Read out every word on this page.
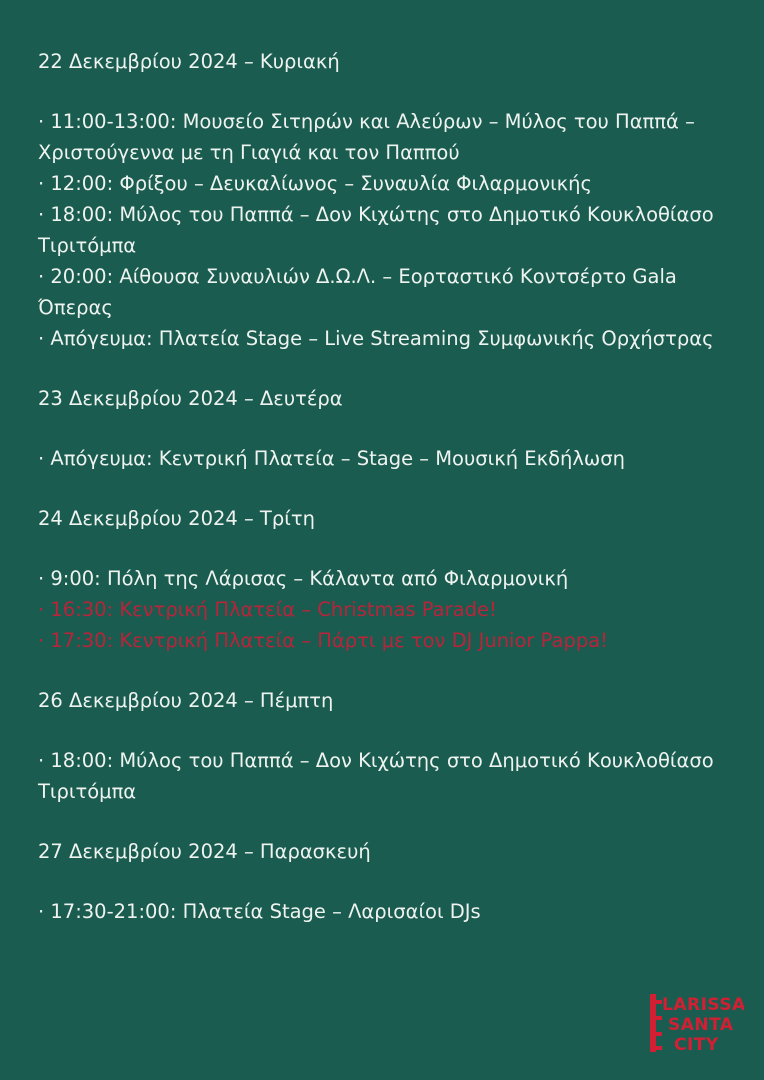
22 Δεκεμβρίου 2024 – Κυριακή
· 11:00-13:00: Μουσείο Σιτηρών και Αλεύρων – Μύλος του Παππά – Χριστούγεννα με τη Γιαγιά και τον Παππού
· 12:00: Φρίξου – Δευκαλίωνος – Συναυλία Φιλαρμονικής
· 18:00: Μύλος του Παππά – Δον Κιχώτης στο Δημοτικό Κουκλοθίασο Τιριτόμπα
· 20:00: Αίθουσα Συναυλιών Δ.Ω.Λ. – Εορταστικό Κοντσέρτο Gala Όπερας
· Απόγευμα: Πλατεία Stage – Live Streaming Συμφωνικής Ορχήστρας
23 Δεκεμβρίου 2024 – Δευτέρα
· Απόγευμα: Κεντρική Πλατεία – Stage – Μουσική Εκδήλωση
24 Δεκεμβρίου 2024 – Τρίτη
· 9:00: Πόλη της Λάρισας – Κάλαντα από Φιλαρμονική
· 16:30: Κεντρική Πλατεία – Christmas Parade!
· 17:30: Κεντρική Πλατεία – Πάρτι με τον DJ Junior Pappa!
26 Δεκεμβρίου 2024 – Πέμπτη
· 18:00: Μύλος του Παππά – Δον Κιχώτης στο Δημοτικό Κουκλοθίασο Τιριτόμπα
27 Δεκεμβρίου 2024 – Παρασκευή
· 17:30-21:00: Πλατεία Stage – Λαρισαίοι DJs
LARISSA
SANTA
CITY
